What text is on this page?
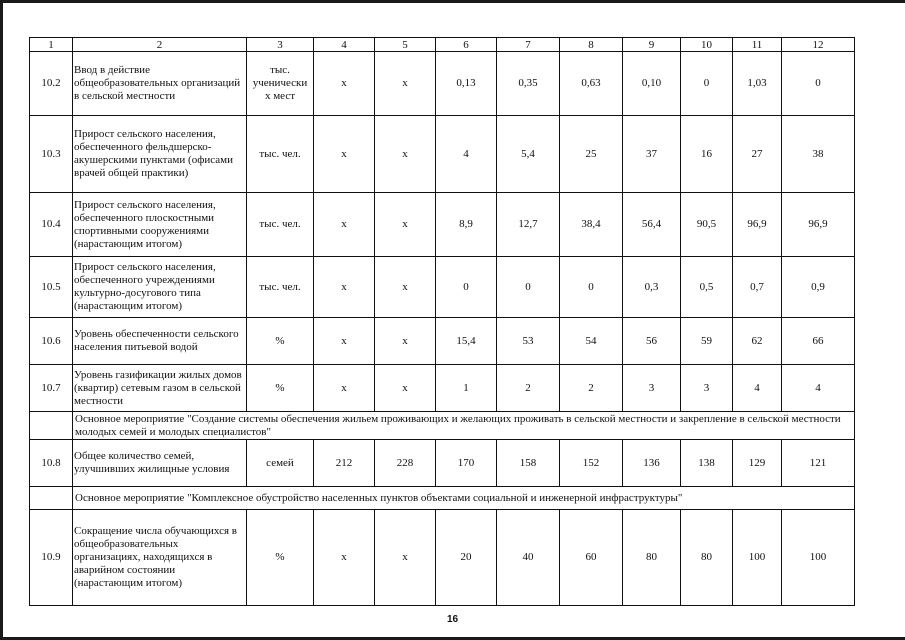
1	2	3	4	5	6	7	8	9	10	11	12
10.2	Ввод в действие общеобразовательных организаций в сельской местности	тыс. ученически х мест	x	x	0,13	0,35	0,63	0,10	0	1,03	0
10.3	Прирост сельского населения, обеспеченного фельдшерско-акушерскими пунктами (офисами врачей общей практики)	тыс. чел.	x	x	4	5,4	25	37	16	27	38
10.4	Прирост сельского населения, обеспеченного плоскостными спортивными сооружениями (нарастающим итогом)	тыс. чел.	x	x	8,9	12,7	38,4	56,4	90,5	96,9	96,9
10.5	Прирост сельского населения, обеспеченного учреждениями культурно-досугового типа (нарастающим итогом)	тыс. чел.	x	x	0	0	0	0,3	0,5	0,7	0,9
10.6	Уровень обеспеченности сельского населения питьевой водой	%	x	x	15,4	53	54	56	59	62	66
10.7	Уровень газификации жилых домов (квартир) сетевым газом в сельской местности	%	x	x	1	2	2	3	3	4	4
	Основное мероприятие "Создание системы обеспечения жильем проживающих и желающих проживать в сельской местности и закрепление в сельской местности молодых семей и молодых специалистов"										
10.8	Общее количество семей, улучшивших жилищные условия	семей	212	228	170	158	152	136	138	129	121
	Основное мероприятие "Комплексное обустройство населенных пунктов объектами социальной и инженерной инфраструктуры"										
10.9	Сокращение числа обучающихся в общеобразовательных организациях, находящихся в аварийном состоянии (нарастающим итогом)	%	x	x	20	40	60	80	80	100	100
16
